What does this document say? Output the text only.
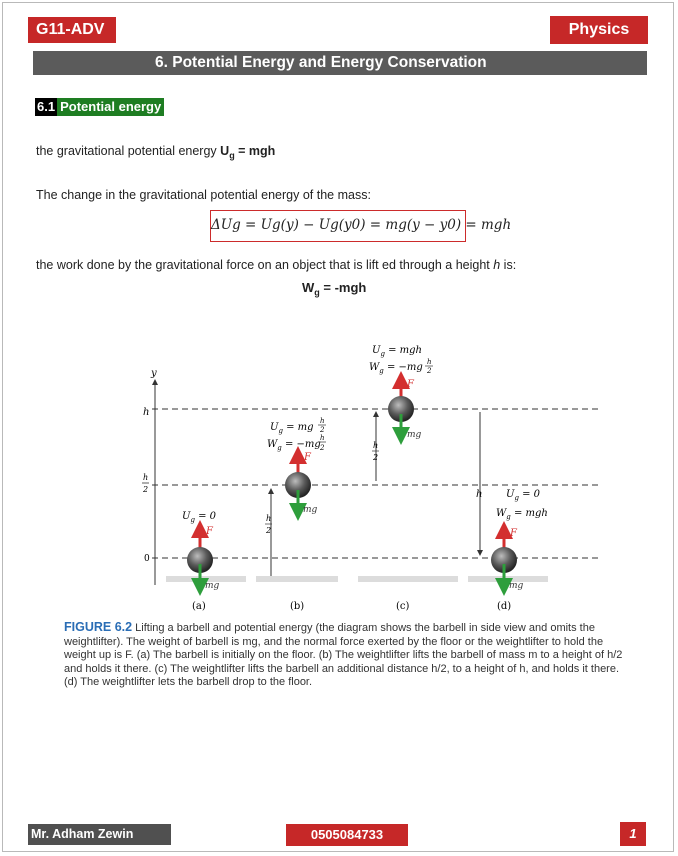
G11-ADV	Physics
6. Potential Energy and Energy Conservation
6.1 Potential energy
the gravitational potential energy $U_g$ = mgh
The change in the gravitational potential energy of the mass:
ΔUg = Ug(y) − Ug(y0) = mg(y − y0) = mgh
the work done by the gravitational force on an object that is lift ed through a height h is:
$W_g = -mgh$
y
h
h
2
0
$U_g = 0$
F
mg
$U_g$ = mg
h
2
$W_g = -mg$
h
2
F
mg
h
2
$U_g$ = mgh
$W_g = -mg$ h
2
F
mg
h
2
h $U_g = 0$
$W_g$ = mgh
F
mg
(a)	(b)	(c)	(d)
FIGURE 6.2 Lifting a barbell and potential energy (the diagram shows the barbell in side view and omits the weightlifter). The weight of barbell is mg, and the normal force exerted by the floor or the weightlifter to hold the weight up is F. (a) The barbell is initially on the floor. (b) The weightlifter lifts the barbell of mass m to a height of h/2 and holds it there. (c) The weightlifter lifts the barbell an additional distance h/2, to a height of h, and holds it there. (d) The weightlifter lets the barbell drop to the floor.
Mr. Adham Zewin	0505084733	1
